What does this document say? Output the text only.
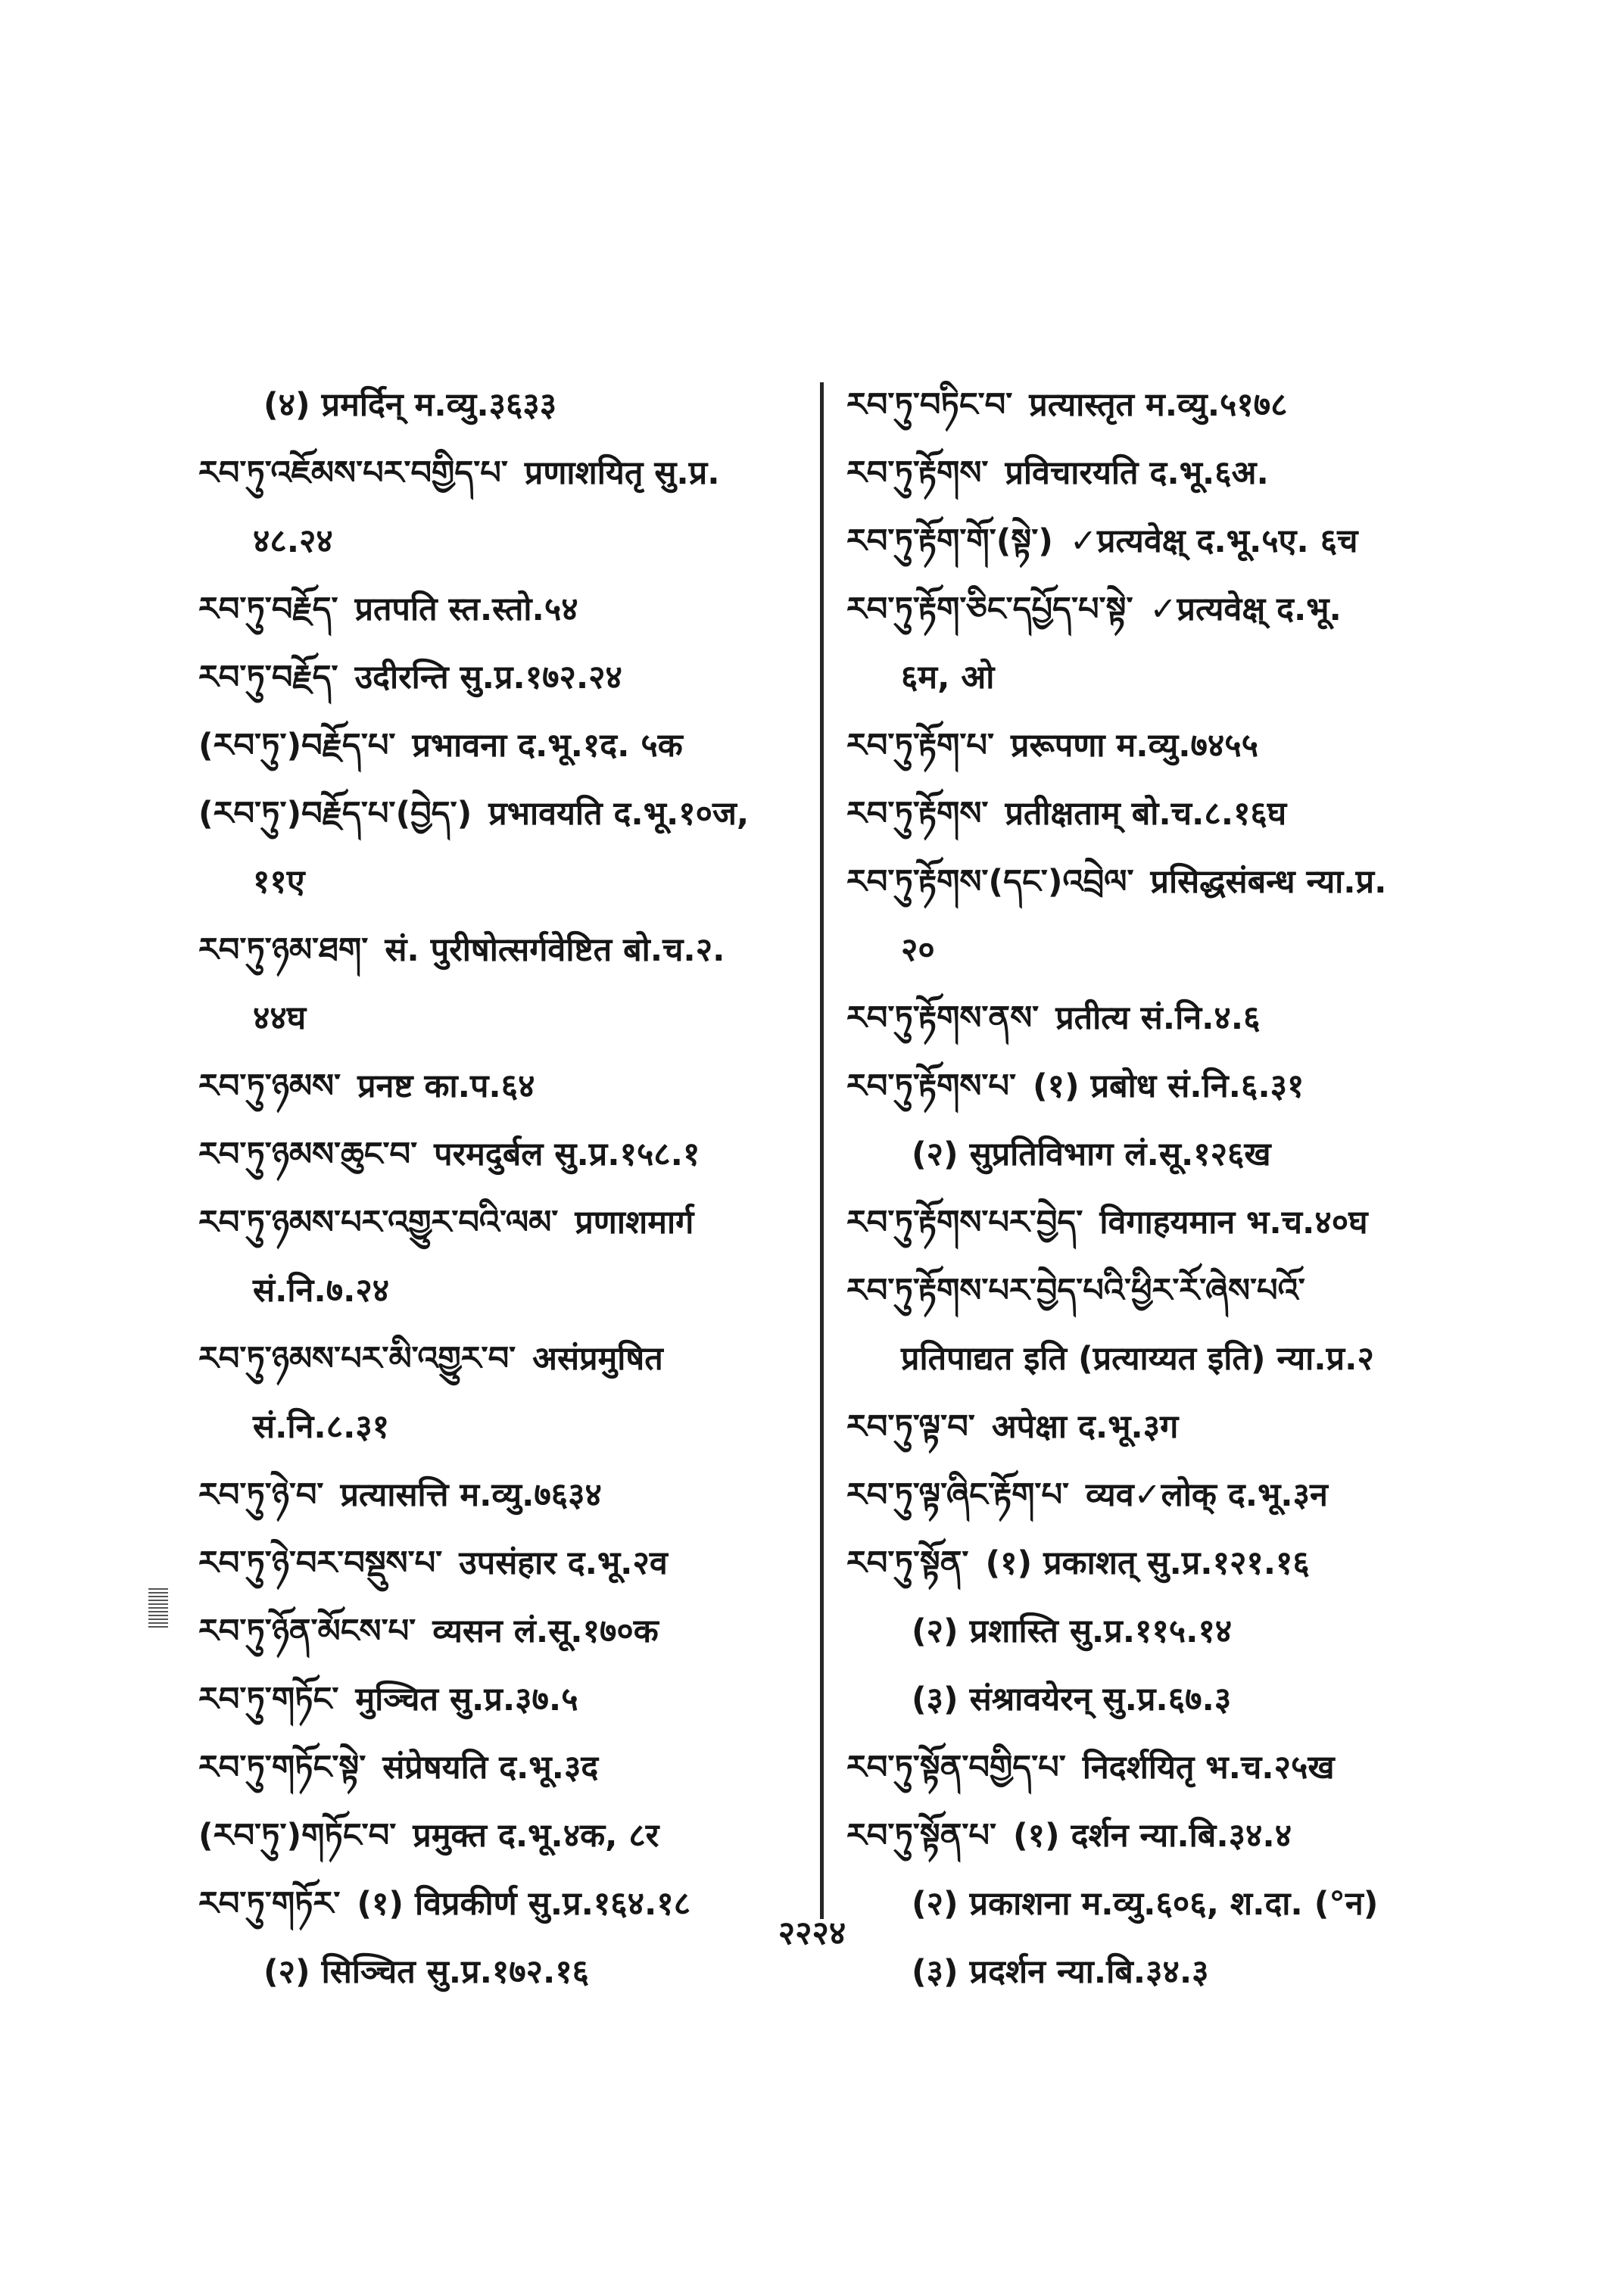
(४) प्रमर्दिन् म.व्यु.३६३३
རབ་ཏུ་འཇོམས་པར་བགྱིད་པ་ प्रणाशयितृ सु.प्र.
४८.२४
རབ་ཏུ་བརྗོད་ प्रतपति स्त.स्तो.५४
རབ་ཏུ་བརྗོད་ उदीरन्ति सु.प्र.१७२.२४
(རབ་ཏུ་)བརྗོད་པ་ प्रभावना द.भू.१द. ५क
(རབ་ཏུ་)བརྗོད་པ་(བྱེད་) प्रभावयति द.भू.१०ज,
११ए
རབ་ཏུ་ཉམ་ཐག་ सं. पुरीषोत्सर्गवेष्टित बो.च.२.
४४घ
རབ་ཏུ་ཉམས་ प्रनष्ट का.प.६४
རབ་ཏུ་ཉམས་ཆུང་བ་ परमदुर्बल सु.प्र.१५८.१
རབ་ཏུ་ཉམས་པར་འགྱུར་བའི་ལམ་ प्रणाशमार्ग
सं.नि.७.२४
རབ་ཏུ་ཉམས་པར་མི་འགྱུར་བ་ असंप्रमुषित
सं.नि.८.३१
རབ་ཏུ་ཉེ་བ་ प्रत्यासत्ति म.व्यु.७६३४
རབ་ཏུ་ཉེ་བར་བསྡུས་པ་ उपसंहार द.भू.२व
རབ་ཏུ་ཉོན་མོངས་པ་ व्यसन लं.सू.१७०क
རབ་ཏུ་གཏོང་ मुञ्चित सु.प्र.३७.५
རབ་ཏུ་གཏོང་སྟེ་ संप्रेषयति द.भू.३द
(རབ་ཏུ་)གཏོང་བ་ प्रमुक्त द.भू.४क, ८र
རབ་ཏུ་གཏོར་ (१) विप्रकीर्ण सु.प्र.१६४.१८
(२) सिञ्चित सु.प्र.१७२.१६
རབ་ཏུ་བཏིང་བ་ प्रत्यास्तृत म.व्यु.५१७८
རབ་ཏུ་རྟོགས་ प्रविचारयति द.भू.६अ.
རབ་ཏུ་རྟོག་གོ་(སྟེ་) ✓प्रत्यवेक्ष् द.भू.५ए. ६च
རབ་ཏུ་རྟོག་ཅིང་དཔྱོད་པ་སྟེ་ ✓प्रत्यवेक्ष् द.भू.
६म, ओ
རབ་ཏུ་རྟོག་པ་ प्ररूपणा म.व्यु.७४५५
རབ་ཏུ་རྟོགས་ प्रतीक्षताम् बो.च.८.१६घ
རབ་ཏུ་རྟོགས་(དང་)འབྲེལ་ प्रसिद्धसंबन्ध न्या.प्र.
२०
རབ་ཏུ་རྟོགས་ནས་ प्रतीत्य सं.नि.४.६
རབ་ཏུ་རྟོགས་པ་ (१) प्रबोध सं.नि.६.३१
(२) सुप्रतिविभाग लं.सू.१२६ख
རབ་ཏུ་རྟོགས་པར་བྱེད་ विगाहयमान भ.च.४०घ
རབ་ཏུ་རྟོགས་པར་བྱེད་པའི་ཕྱིར་རོ་ཞེས་པའོ་
प्रतिपाद्यत इति (प्रत्याय्यत इति) न्या.प्र.२
རབ་ཏུ་ལྟ་བ་ अपेक्षा द.भू.३ग
རབ་ཏུ་ལྟ་ཞིང་རྟོག་པ་ व्यव✓लोक् द.भू.३न
རབ་ཏུ་སྟོན་ (१) प्रकाशत् सु.प्र.१२१.१६
(२) प्रशास्ति सु.प्र.११५.१४
(३) संश्रावयेरन् सु.प्र.६७.३
རབ་ཏུ་སྟོན་བགྱིད་པ་ निदर्शयितृ भ.च.२५ख
རབ་ཏུ་སྟོན་པ་ (१) दर्शन न्या.बि.३४.४
(२) प्रकाशना म.व्यु.६०६, श.दा. (°न)
(३) प्रदर्शन न्या.बि.३४.३
२२२४
